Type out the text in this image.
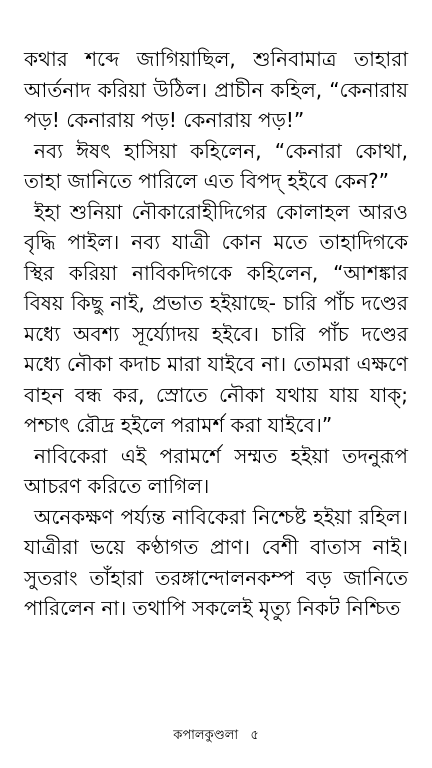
কথার শব্দে জাগিয়াছিল, শুনিবামাত্র তাহারা আর্তনাদ করিয়া উঠিল। প্রাচীন কহিল, “কেনারায় পড়! কেনারায় পড়! কেনারায় পড়!”

নব্য ঈষৎ হাসিয়া কহিলেন, “কেনারা কোথা, তাহা জানিতে পারিলে এত বিপদ্ হইবে কেন?”

ইহা শুনিয়া নৌকারোহীদিগের কোলাহল আরও বৃদ্ধি পাইল। নব্য যাত্রী কোন মতে তাহাদিগকে স্থির করিয়া নাবিকদিগকে কহিলেন, “আশঙ্কার বিষয় কিছু নাই, প্রভাত হইয়াছে- চারি পাঁচ দণ্ডের মধ্যে অবশ্য সূর্য্যোদয় হইবে। চারি পাঁচ দণ্ডের মধ্যে নৌকা কদাচ মারা যাইবে না। তোমরা এক্ষণে বাহন বন্ধ কর, স্রোতে নৌকা যথায় যায় যাক্; পশ্চাৎ রৌদ্র হইলে পরামর্শ করা যাইবে।”

নাবিকেরা এই পরামর্শে সম্মত হইয়া তদনুরূপ আচরণ করিতে লাগিল।

অনেকক্ষণ পর্য্যন্ত নাবিকেরা নিশ্চেষ্ট হইয়া রহিল। যাত্রীরা ভয়ে কণ্ঠাগত প্রাণ। বেশী বাতাস নাই। সুতরাং তাঁহারা তরঙ্গান্দোলনকম্প বড় জানিতে পারিলেন না। তথাপি সকলেই মৃত্যু নিকট নিশ্চিত

কপালকুণ্ডলা ৫
